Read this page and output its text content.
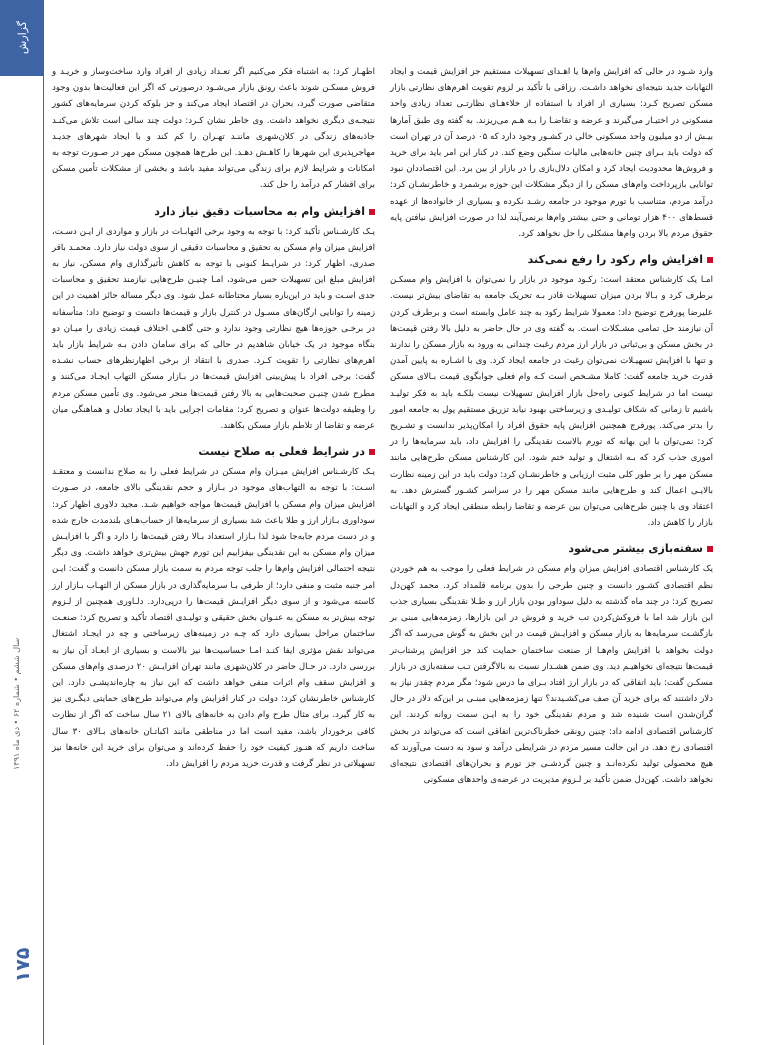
گزارش
سال ششم • شماره ۶۲ • دی ماه ۱۳۹۱
۱۷۵

وارد شـود در حالی که افزایش وام‌ها یا اهـدای تسهیلات مستقیم جز افزایش قیمت و ایجاد التهابات جدید نتیجه‌ای نخواهد داشـت. رزاقی با تأکید بر لزوم تقویت اهرم‌های نظارتی بازار مسکن تصریح کـرد: بسیاری از افراد با استفاده از خلاءهـای نظارتـی تعداد زیادی واحد مسکونی در اختیـار می‌گیرند و عرضه و تقاضـا را بـه هـم می‌ریزند. به گفته وی طبق آمارها بیـش از دو میلیون واحد مسکونی خالی در کشـور وجود دارد که ۰۵ درصد آن در تهران است که دولت باید بـرای چنین خانه‌هایی مالیات سنگین وضع کند. در کنار این امر باید برای خرید و فروش‌ها محدودیت ایجاد کرد و امکان دلال‌بازی را در بازار از بین برد. این اقتصاددان نبود توانایی بازپرداخت وام‌های مسکن را از دیگر مشکلات این حوزه برشمرد و خاطرنشـان کرد: درآمد مردم، متناسب با تورم موجود در جامعه رشـد نکرده و بسیاری از خانواده‌ها از عهده قسط‌های ۴۰۰ هزار تومانی و حتی بیشتر وام‌ها برنمی‌آیند لذا در صورت افزایش نیافتن پایه حقوق مردم بالا بردن وام‌ها مشکلی را حل نخواهد کرد.

افزایش وام رکود را رفع نمی‌کند

امـا یک کارشناس معتقد است: رکـود موجود در بازار را نمی‌توان با افزایش وام مسکـن برطرف کرد و بـالا بردن میزان تسهیلات قادر بـه تحریک جامعه به تقاضای بیش‌تر نیست. علیرضا پورفرج توضیح داد: معمولا شرایط رکود به چند عامل وابسته است و برطرف کردن آن نیازمند حل تمامی مشـکلات است. به گفته وی در حال حاضر به دلیل بالا رفتن قیمت‌ها در بخش مسکن و بی‌ثباتی در بازار ارز مردم رغبت چندانی به ورود به بازار مسکن را ندارند و تنها با افزایش تسهیـلات نمی‌توان رغبت در جامعه ایجاد کرد. وی با اشـاره به پایین آمدن قدرت خرید جامعه گفت: کاملا مشـخص است کـه وام فعلی جوابگوی قیمت بـالای مسکن نیست اما در شرایط کنونی راه‌حل بازار افزایش تسهیلات نیست بلکـه باید به فکر تولیـد باشیم تا زمانی که شکاف تولیـدی و زیرساختی بهبود نیابد تزریق مستقیم پول به جامعه امور را بدتر می‌کند. پورفرج همچنین افزایش پایه حقوق افراد را امکان‌پذیر ندانست و تشـریح کرد: نمی‌توان با این بهانه که تورم بالاست نقدینگی را افزایش داد، باید سرمایه‌ها را در اموری جذب کرد که بـه اشتغال و تولید ختم شود. این کارشناس مسکن طرح‌هایی مانند مسکن مهر را بر طور کلی مثبت ارزیابی و خاطرنشـان کرد: دولت باید در این زمینه نظارت بالایـی اعمال کند و طرح‌هایی مانند مسکن مهر را در سراسر کشـور گسترش دهد. به اعتقاد وی با چنین طرح‌هایی می‌توان بین عرضه و تقاضا رابطه منطقی ایجاد کرد و التهابات بازار را کاهش داد.

سفته‌بازی بیشتر می‌شود

یک کارشناس اقتصادی افزایش میزان وام مسکن در شرایط فعلی را موجب به هم خوردن نظم اقتصادی کشـور دانست و چنین طرحی را بدون برنامه قلمداد کرد. محمد کهن‌دل تصریح کرد: در چند ماه گذشته به دلیل سوداور بودن بازار ارز و طـلا نقدینگی بسیاری جذب این بازار شد اما با فروکش‌کردن تب خرید و فروش در این بازارها، زمزمه‌هایی مبنی بر بازگشـت سرمایه‌ها به بازار مسکن و افزایـش قیمت در این بخش به گوش می‌رسد که اگر دولت بخواهد با افزایش وام‌هـا از صنعت ساختمان حمایت کند جز افزایش پرشتاب‌تر قیمت‌ها نتیجه‌ای نخواهیـم دید. وی ضمن هشـدار نسبت به بالاگرفتن تـب سفته‌بازی در بازار مسکـن گفت: باید اتفاقی که در بازار ارز افتاد بـرای ما درس شود؛ مگر مردم چقدر نیاز به دلار داشتند که برای خرید آن صف می‌کشـیدند؟ تنها زمزمه‌هایی مبنـی بر این‌که دلار در حال گران‌شدن است شنیده شد و مردم نقدینگی خود را به ایـن سمت روانه کردند. این کارشناس اقتصادی ادامه داد: چنین رونقی خطرناک‌ترین اتفاقی است که می‌تواند در بخش اقتصادی رخ دهد. در این حالت مسیر مردم در شرایطی درآمد و سود به دست می‌آورند که هیچ محصولی تولید نکرده‌انـد و چنین گردشـی جز تورم و بحران‌های اقتصادی نتیجه‌ای نخواهد داشت. کهن‌دل ضمن تأکید بر لـزوم مدیریت در عرضه‌ی واحدهای مسکونی

اظهـار کرد: به اشتباه فکر می‌کنیم اگر تعـداد زیادی از افراد وارد ساخت‌وساز و خریـد و فروش مسکـن شوند باعث رونق بازار می‌شـود درصورتی که اگر این فعالیت‌ها بدون وجود متقاضی صورت گیرد، بحران در اقتصاد ایجاد می‌کند و جز بلوکه کردن سرمایه‌های کشور نتیجـه‌ی دیگری نخواهد داشت. وی خاطر نشان کـرد: دولت چند سالی است تلاش می‌کنـد جاذبه‌های زندگی در کلان‌شهری ماننـد تهـران را کم کند و با ایجاد شهرهای جدیـد مهاجرپذیری این شهرها را کاهـش دهـد. این طرح‌ها همچون مسکن مهر در صـورت توجه به امکانات و شرایط لازم برای زندگی می‌تواند مفید باشد و بخشی از مشکلات تأمین مسکن برای اقشار کم درآمد را حل کند.

افزایش وام به محاسبات دقیق نیاز دارد

یـک کارشـناس تأکید کرد: با توجه به وجود برخی التهابـات در بازار و مواردی از ایـن دسـت، افزایش میزان وام مسکن به تحقیق و محاسبات دقیقی از سوی دولت نیاز دارد. محمـد باقر صدری، اظهار کرد: در شرایـط کنونی با توجه به کاهش تأثیرگذاری وام مسکن، نیاز به افزایش مبلغ این تسهیلات حس می‌شود، امـا چنیـن طرح‌هایی نیازمند تحقیق و محاسبات جدی اسـت و باید در این‌باره بسیار محتاطانه عمل شود. وی دیگر مساله حائز اهمیت در این زمینه را توانایی ارگان‌های مسـول در کنترل بازار و قیمت‌ها دانست و توضیح داد: متأسفانه در برخـی حوزه‌ها هیچ نظارتی وجود ندارد و حتی گاهـی اختلاف قیمت زیادی را میـان دو بنگاه موجود در یک خیابان شاهدیم در حالی که برای سامان دادن بـه شرایط بازار باید اهرم‌های نظارتی را تقویت کـرد. صدری با انتقاد از برخی اظهارنظرهای حساب نشـده گفت: برخی افراد با پیش‌بینی افزایش قیمت‌ها در بـازار مسکن التهاب ایجـاد می‌کنند و مطرح شدن چنیـن صحبت‌هایی به بالا رفتن قیمت‌ها منجر می‌شود. وی تأمین مسکن مردم را وظیفه دولت‌ها عنوان و تصریح کرد: مقامات اجرایی باید با ایجاد تعادل و هماهنگی میان عرضه و تقاضا از تلاطم بازار مسکن بکاهند.

در شرایط فعلی به صلاح نیست

یـک کارشـناس افزایش میـزان وام مسکن در شرایط فعلی را به صلاح ندانست و معتقـد اسـت: با توجه به التهاب‌های موجود در بـازار و حجم نقدینگی بالای جامعه، در صـورت افزایش میزان وام مسکن با افزایش قیمت‌ها مواجه خواهیم شـد. مجید دلاوری اظهار کرد: سوداوری بـازار ارز و طلا باعث شد بسیاری از سرمایه‌ها از حساب‌هـای بلندمدت خارج شده و در دست مردم جابه‌جا شود لذا بـازار استعداد بـالا رفتن قیمت‌ها را دارد و اگر با افزایـش میزان وام مسکن به این نقدینگی بیفزاییم این تورم جهش بیش‌تری خواهد داشت. وی دیگر نتیجه احتمالی افزایش وام‌ها را جلب توجه مردم به سمت بازار مسکن دانست و گفت: ایـن امر جنبه مثبت و منفی دارد؛ از طرفی بـا سرمایه‌گذاری در بازار مسکن از التهـاب بـازار ارز کاسته می‌شود و از سوی دیگر افزایـش قیمت‌ها را درپی‌دارد. دلـاوری همچنین از لـزوم توجه بیش‌تر به مسکن به عنـوان بخش حقیقی و تولیـدی اقتصاد تأکید و تصریح کرد: صنعـت ساختمان مراحل بسیاری دارد که چـه در زمینه‌های زیرساختی و چه در ایجـاد اشتغال می‌تواند نقش مؤثری ایفا کنـد امـا حساسیت‌ها نیز بالاست و بسیاری از ابعـاد آن نیاز به بررسی دارد. در حـال حاضر در کلان‌شهری مانند تهران افزایـش ۲۰ درصدی وام‌های مسکن و افزایش سقف وام اثرات منفی خواهد داشت که این نیاز به چاره‌اندیشـی دارد. این کارشناس خاطرنشان کرد: دولت در کنار افزایش وام می‌تواند طرح‌های حمایتی دیگـری نیز به کار گیرد. برای مثال طرح وام دادن به خانه‌های بالای ۲۱ سال ساخت که اگر از نظارت کافی برخوردار باشد، مفید است اما در مناطقی مانند اکباتـان خانه‌های بـالای ۳۰ سال ساخت داریم که هنـوز کیفیت خود را حفظ کرده‌اند و می‌توان برای خرید این خانه‌ها نیز تسهیلاتی در نظر گرفت و قدرت خرید مردم را افزایش داد.
